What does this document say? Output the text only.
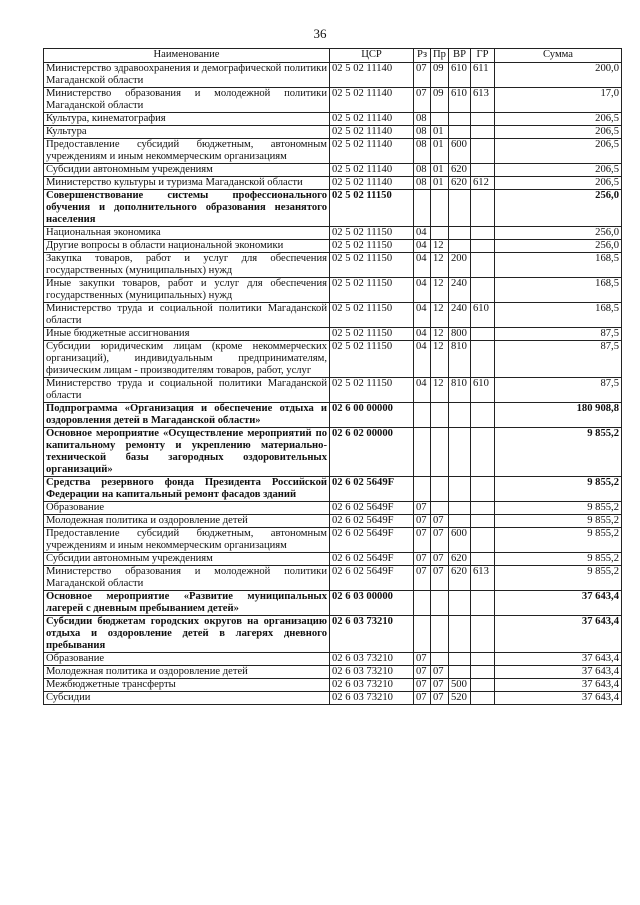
36
Наименование	ЦСР	Рз	Пр	ВР	ГР	Сумма
Министерство здравоохранения и демографической политики Магаданской области	02 5 02 11140	07	09	610	611	200,0
Министерство образования и молодежной политики Магаданской области	02 5 02 11140	07	09	610	613	17,0
Культура, кинематография	02 5 02 11140	08				206,5
Культура	02 5 02 11140	08	01			206,5
Предоставление субсидий бюджетным, автономным учреждениям и иным некоммерческим организациям	02 5 02 11140	08	01	600		206,5
Субсидии автономным учреждениям	02 5 02 11140	08	01	620		206,5
Министерство культуры и туризма Магаданской области	02 5 02 11140	08	01	620	612	206,5
Совершенствование системы профессионального обучения и дополнительного образования незанятого населения	02 5 02 11150					256,0
Национальная экономика	02 5 02 11150	04				256,0
Другие вопросы в области национальной экономики	02 5 02 11150	04	12			256,0
Закупка товаров, работ и услуг для обеспечения государственных (муниципальных) нужд	02 5 02 11150	04	12	200		168,5
Иные закупки товаров, работ и услуг для обеспечения государственных (муниципальных) нужд	02 5 02 11150	04	12	240		168,5
Министерство труда и социальной политики Магаданской области	02 5 02 11150	04	12	240	610	168,5
Иные бюджетные ассигнования	02 5 02 11150	04	12	800		87,5
Субсидии юридическим лицам (кроме некоммерческих организаций), индивидуальным предпринимателям, физическим лицам - производителям товаров, работ, услуг	02 5 02 11150	04	12	810		87,5
Министерство труда и социальной политики Магаданской области	02 5 02 11150	04	12	810	610	87,5
Подпрограмма «Организация и обеспечение отдыха и оздоровления детей в Магаданской области»	02 6 00 00000					180 908,8
Основное мероприятие «Осуществление мероприятий по капитальному ремонту и укреплению материально-технической базы загородных оздоровительных организаций»	02 6 02 00000					9 855,2
Средства резервного фонда Президента Российской Федерации на капитальный ремонт фасадов зданий	02 6 02 5649F					9 855,2
Образование	02 6 02 5649F	07				9 855,2
Молодежная политика и оздоровление детей	02 6 02 5649F	07	07			9 855,2
Предоставление субсидий бюджетным, автономным учреждениям и иным некоммерческим организациям	02 6 02 5649F	07	07	600		9 855,2
Субсидии автономным учреждениям	02 6 02 5649F	07	07	620		9 855,2
Министерство образования и молодежной политики Магаданской области	02 6 02 5649F	07	07	620	613	9 855,2
Основное мероприятие «Развитие муниципальных лагерей с дневным пребыванием детей»	02 6 03 00000					37 643,4
Субсидии бюджетам городских округов на организацию отдыха и оздоровление детей в лагерях дневного пребывания	02 6 03 73210					37 643,4
Образование	02 6 03 73210	07				37 643,4
Молодежная политика и оздоровление детей	02 6 03 73210	07	07			37 643,4
Межбюджетные трансферты	02 6 03 73210	07	07	500		37 643,4
Субсидии	02 6 03 73210	07	07	520		37 643,4
